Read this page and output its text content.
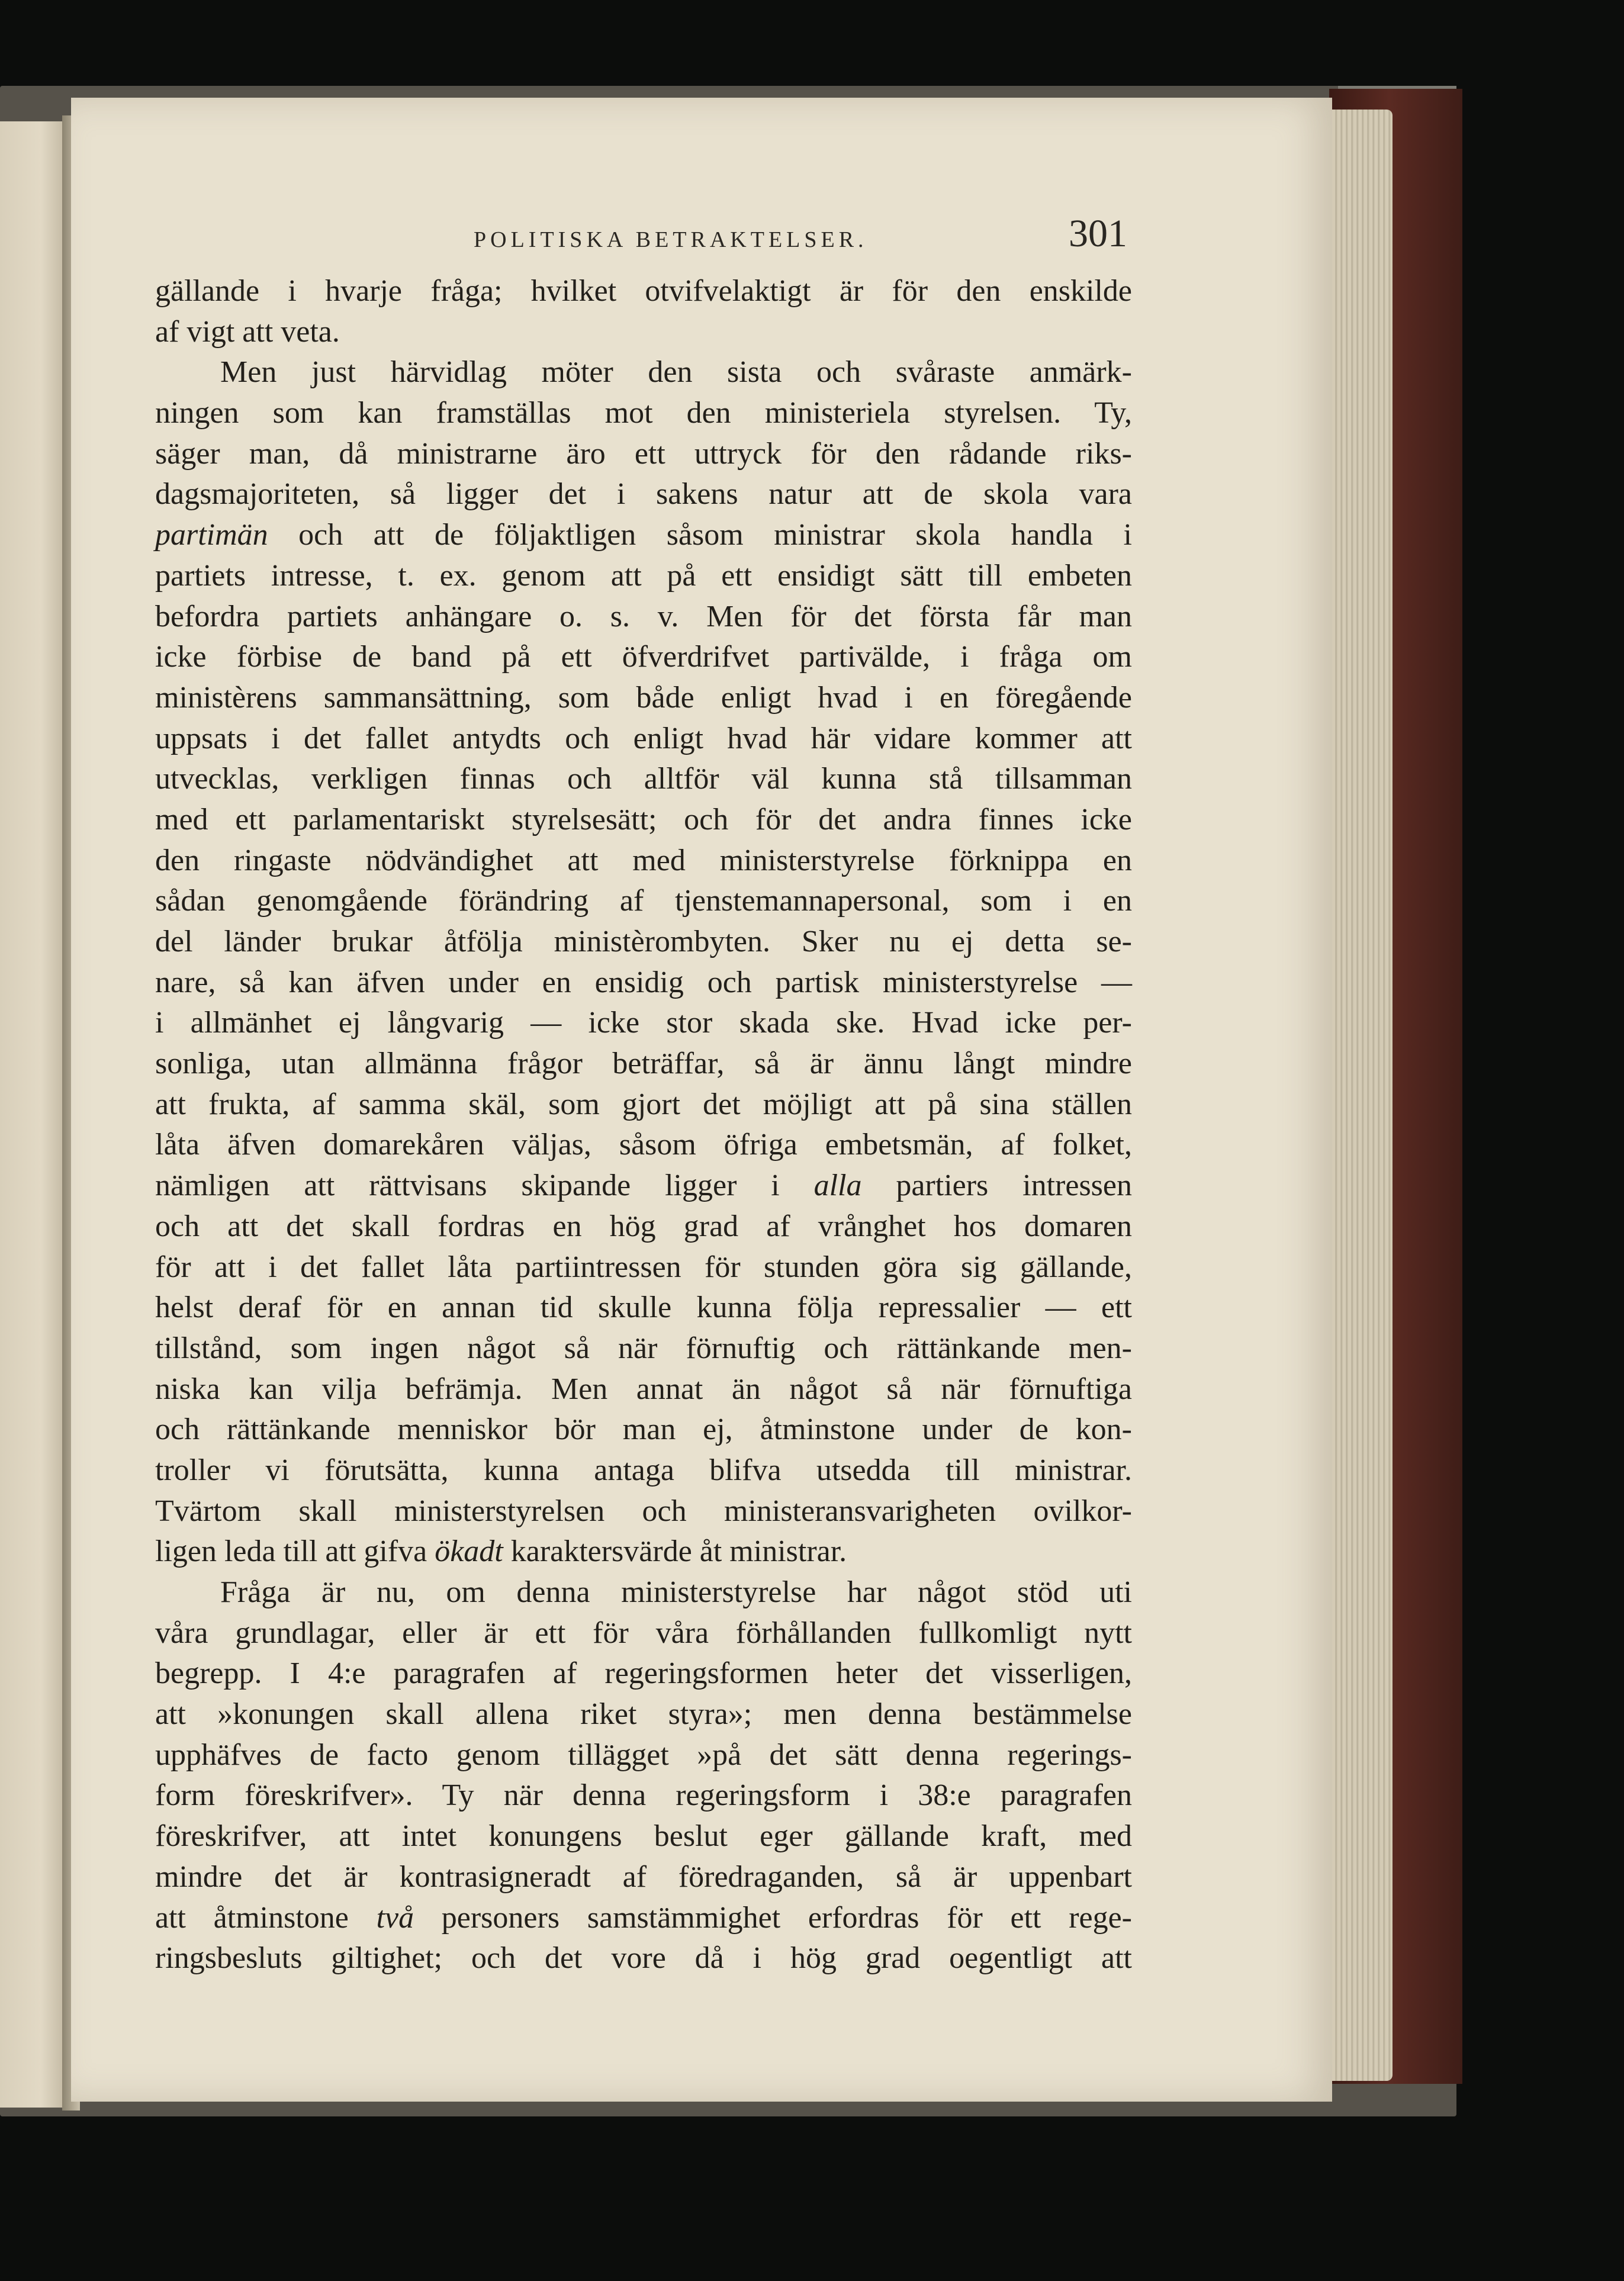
POLITISKA BETRAKTELSER.	301
gällande i hvarje fråga; hvilket otvifvelaktigt är för den enskilde
af vigt att veta.
Men just härvidlag möter den sista och svåraste anmärk-
ningen som kan framställas mot den ministeriela styrelsen. Ty,
säger man, då ministrarne äro ett uttryck för den rådande riks-
dagsmajoriteten, så ligger det i sakens natur att de skola vara
partimän och att de följaktligen såsom ministrar skola handla i
partiets intresse, t. ex. genom att på ett ensidigt sätt till embeten
befordra partiets anhängare o. s. v. Men för det första får man
icke förbise de band på ett öfverdrifvet partivälde, i fråga om
ministèrens sammansättning, som både enligt hvad i en föregående
uppsats i det fallet antydts och enligt hvad här vidare kommer att
utvecklas, verkligen finnas och alltför väl kunna stå tillsamman
med ett parlamentariskt styrelsesätt; och för det andra finnes icke
den ringaste nödvändighet att med ministerstyrelse förknippa en
sådan genomgående förändring af tjenstemannapersonal, som i en
del länder brukar åtfölja ministèrombyten. Sker nu ej detta se-
nare, så kan äfven under en ensidig och partisk ministerstyrelse —
i allmänhet ej långvarig — icke stor skada ske. Hvad icke per-
sonliga, utan allmänna frågor beträffar, så är ännu långt mindre
att frukta, af samma skäl, som gjort det möjligt att på sina ställen
låta äfven domarekåren väljas, såsom öfriga embetsmän, af folket,
nämligen att rättvisans skipande ligger i alla partiers intressen
och att det skall fordras en hög grad af vrånghet hos domaren
för att i det fallet låta partiintressen för stunden göra sig gällande,
helst deraf för en annan tid skulle kunna följa repressalier — ett
tillstånd, som ingen något så när förnuftig och rättänkande men-
niska kan vilja befrämja. Men annat än något så när förnuftiga
och rättänkande menniskor bör man ej, åtminstone under de kon-
troller vi förutsätta, kunna antaga blifva utsedda till ministrar.
Tvärtom skall ministerstyrelsen och ministeransvarigheten ovilkor-
ligen leda till att gifva ökadt karaktersvärde åt ministrar.
Fråga är nu, om denna ministerstyrelse har något stöd uti
våra grundlagar, eller är ett för våra förhållanden fullkomligt nytt
begrepp. I 4:e paragrafen af regeringsformen heter det visserligen,
att »konungen skall allena riket styra»; men denna bestämmelse
upphäfves de facto genom tillägget »på det sätt denna regerings-
form föreskrifver». Ty när denna regeringsform i 38:e paragrafen
föreskrifver, att intet konungens beslut eger gällande kraft, med
mindre det är kontrasigneradt af föredraganden, så är uppenbart
att åtminstone två personers samstämmighet erfordras för ett rege-
ringsbesluts giltighet; och det vore då i hög grad oegentligt att
